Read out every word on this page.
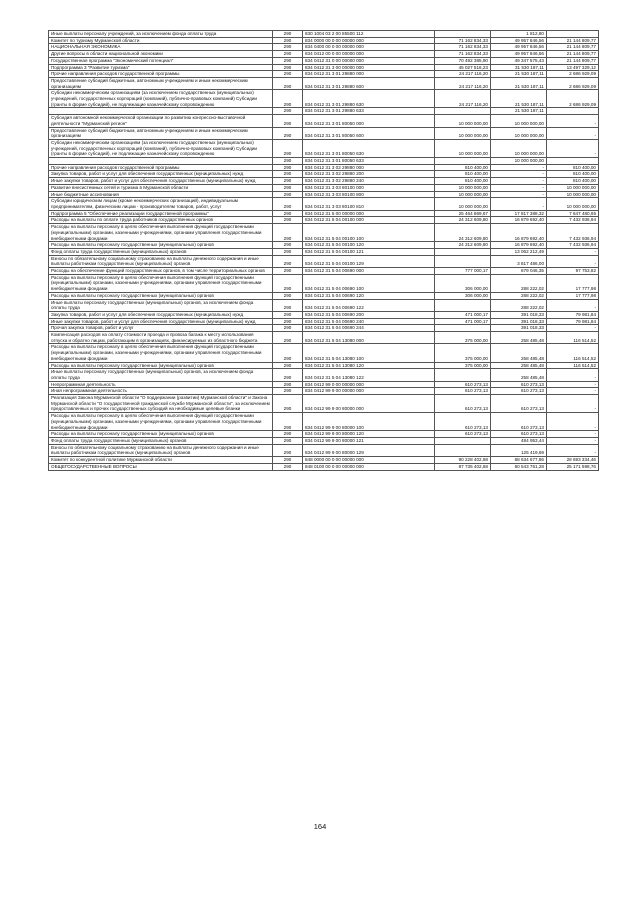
Иные выплаты персоналу учреждений, за исключением фонда оплаты труда	290	830 1004 03 2 00 85500 112		1 812,80	
Комитет по туризму Мурманской области	290	834 0000 00 0 00 00000 000	71 162 834,33	49 957 846,56	21 144 809,77
НАЦИОНАЛЬНАЯ ЭКОНОМИКА	290	834 0400 00 0 00 00000 000	71 162 834,33	49 957 846,56	21 144 809,77
Другие вопросы в области национальной экономики	290	834 0412 00 0 00 00000 000	71 162 834,33	49 957 846,56	21 144 809,77
Государственная программа "Экономический потенциал"	290	834 0412 31 0 00 00000 000	70 492 385,90	49 347 575,43	21 144 809,77
Подпрограмма 3 "Развитие туризма"	290	834 0412 31 3 00 00000 000	45 027 516,23	31 530 187,11	13 497 329,12
Прочие направления расходов государственной программы	290	834 0412 31 3 01 29880 000	24 217 116,20	21 530 187,11	2 686 929,09
Предоставление субсидий бюджетным, автономным учреждениям и иным некоммерческим организациям	290	834 0412 31 3 01 29880 600	24 217 116,20	21 530 187,11	2 686 929,09
Субсидии некоммерческим организациям (за исключением государственных (муниципальных) учреждений, государственных корпораций (компаний), публично-правовых компаний) Субсидии (гранты в форме субсидий), не подлежащие казначейскому сопровождению	290	834 0412 31 3 01 29880 630	24 217 116,20	21 530 187,11	2 686 929,09
	290	834 0412 31 3 01 29880 633		21 530 187,11	
Субсидия автономной некоммерческой организации по развитию конгрессно-выставочной деятельности "Мурманский регион"	290	834 0412 31 3 01 80050 000	10 000 000,00	10 000 000,00	-
Предоставление субсидий бюджетным, автономным учреждениям и иным некоммерческим организациям	290	834 0412 31 3 01 80050 600	10 000 000,00	10 000 000,00	-
Субсидии некоммерческим организациям (за исключением государственных (муниципальных) учреждений, государственных корпораций (компаний), публично-правовых компаний) Субсидии (гранты в форме субсидий), не подлежащие казначейскому сопровождению	290	834 0412 31 3 01 80050 630	10 000 000,00	10 000 000,00	-
	290	834 0412 31 3 01 80050 633		10 000 000,00	
Прочие направления расходов государственной программы	290	834 0412 31 3 02 29880 000	810 400,00	-	810 400,00
Закупка товаров, работ и услуг для обеспечения государственных (муниципальных) нужд	290	834 0412 31 3 02 29880 200	810 400,00	-	810 400,00
Иные закупки товаров, работ и услуг для обеспечения государственных (муниципальных) нужд	290	834 0412 31 3 02 29880 240	810 400,00	-	810 400,00
Развитие внесистемных сетей и туризма в Мурманской области	290	834 0412 31 3 03 80100 000	10 000 000,00	-	10 000 000,00
Иные бюджетные ассигнования	290	834 0412 31 3 03 80100 800	10 000 000,00	-	10 000 000,00
Субсидии юридическим лицам (кроме некоммерческих организаций), индивидуальным предпринимателям, физическим лицам - производителям товаров, работ, услуг	290	834 0412 31 3 03 80100 810	10 000 000,00	-	10 000 000,00
Подпрограмма 5 "Обеспечение реализации государственной программы"	290	834 0412 31 5 00 00000 000	25 464 869,67	17 817 388,32	7 647 480,65
Расходы на выплаты по оплате труда работников государственных органов	290	834 0412 31 5 04 00100 000	24 312 609,80	16 879 692,40	7 432 936,94
Расходы на выплаты персоналу в целях обеспечения выполнения функций государственными (муниципальными) органами, казенными учреждениями, органами управления государственными внебюджетными фондами	290	834 0412 31 5 04 00100 100	24 312 609,80	16 879 692,40	7 432 936,94
Расходы на выплаты персоналу государственных (муниципальных) органов	290	834 0412 31 5 04 00100 120	24 312 609,80	16 879 692,40	7 432 936,94
Фонд оплаты труда государственных (муниципальных) органов	290	834 0412 31 5 04 00100 121		13 062 212,49	-
Взносы по обязательному социальному страхованию на выплаты денежного содержания и иные выплаты работникам государственных (муниципальных) органов	290	834 0412 31 5 04 00100 129		3 817 486,00	-
Расходы на обеспечение функций государственных органов, в том числе территориальных органов	290	834 0412 31 5 04 00690 000	777 000,17	679 046,35	97 753,82
Расходы на выплаты персоналу в целях обеспечения выполнения функций государственными (муниципальными) органами, казенными учреждениями, органами управления государственными внебюджетными фондами	290	834 0412 31 5 04 00690 100	306 000,00	288 222,02	17 777,98
Расходы на выплаты персоналу государственных (муниципальных) органов	290	834 0412 31 5 04 00690 120	306 000,00	288 222,02	17 777,98
Иные выплаты персоналу государственных (муниципальных) органов, за исключением фонда оплаты труда	290	834 0412 31 5 04 00690 122		288 222,02	-
Закупка товаров, работ и услуг для обеспечения государственных (муниципальных) нужд	290	834 0412 31 5 04 00690 200	471 000,17	391 018,33	79 981,84
Иные закупки товаров, работ и услуг для обеспечения государственных (муниципальных) нужд	290	834 0412 31 5 04 00690 240	471 000,17	391 018,33	79 981,84
Прочая закупка товаров, работ и услуг	290	834 0412 31 5 04 00690 244		391 018,33	-
Компенсация расходов на оплату стоимости проезда и провоза багажа к месту использования отпуска и обратно лицам, работающим в организациях, финансируемых из областного бюджета	290	834 0412 31 5 04 13080 000	375 000,00	258 485,48	116 514,52
Расходы на выплаты персоналу в целях обеспечения выполнения функций государственными (муниципальными) органами, казенными учреждениями, органами управления государственными внебюджетными фондами	290	834 0412 31 5 04 13080 100	375 000,00	258 485,48	116 514,52
Расходы на выплаты персоналу государственных (муниципальных) органов	290	834 0412 31 5 04 13080 120	375 000,00	258 485,48	116 514,52
Иные выплаты персоналу государственных (муниципальных) органов, за исключением фонда оплаты труда	290	834 0412 31 5 04 13080 122		258 485,48	-
Непрограммная деятельность	290	834 0412 99 0 00 00000 000	610 273,13	610 273,13	-
Иная непрограммная деятельность	290	834 0412 99 9 00 00000 000	610 273,13	610 273,13	-
Реализация Закона Мурманской области "О поддержании (развитии) Мурманской области" и Закона Мурманской области "О государственной гражданской службе Мурманской области", за исключением предоставленных и прочих государственных субсидий на необходимые целевые бланки	290	834 0412 99 9 00 80000 000	610 273,13	610 273,13	-
Расходы на выплаты персоналу в целях обеспечения выполнения функций государственными (муниципальными) органами, казенными учреждениями, органами управления государственными внебюджетными фондами	290	834 0412 99 9 00 80000 100	610 273,13	610 273,13	-
Расходы на выплаты персоналу государственных (муниципальных) органов	290	834 0412 99 9 00 80000 120	610 273,13	610 273,13	-
Фонд оплаты труда государственных (муниципальных) органов	290	834 0412 99 9 00 80000 121		484 953,44	-
Взносы по обязательному социальному страхованию на выплаты денежного содержания и иные выплаты работникам государственных (муниципальных) органов	290	834 0412 99 9 00 80000 129		125 419,69	-
Комитет по конкурентной политике Мурманской области	290	848 0000 00 0 00 00000 000	90 228 402,68	68 634 677,86	28 693 334,46
ОБЩЕГОСУДАРСТВЕННЫЕ ВОПРОСЫ	290	848 0100 00 0 00 00000 000	87 735 402,68	60 543 761,28	25 171 598,76
164
